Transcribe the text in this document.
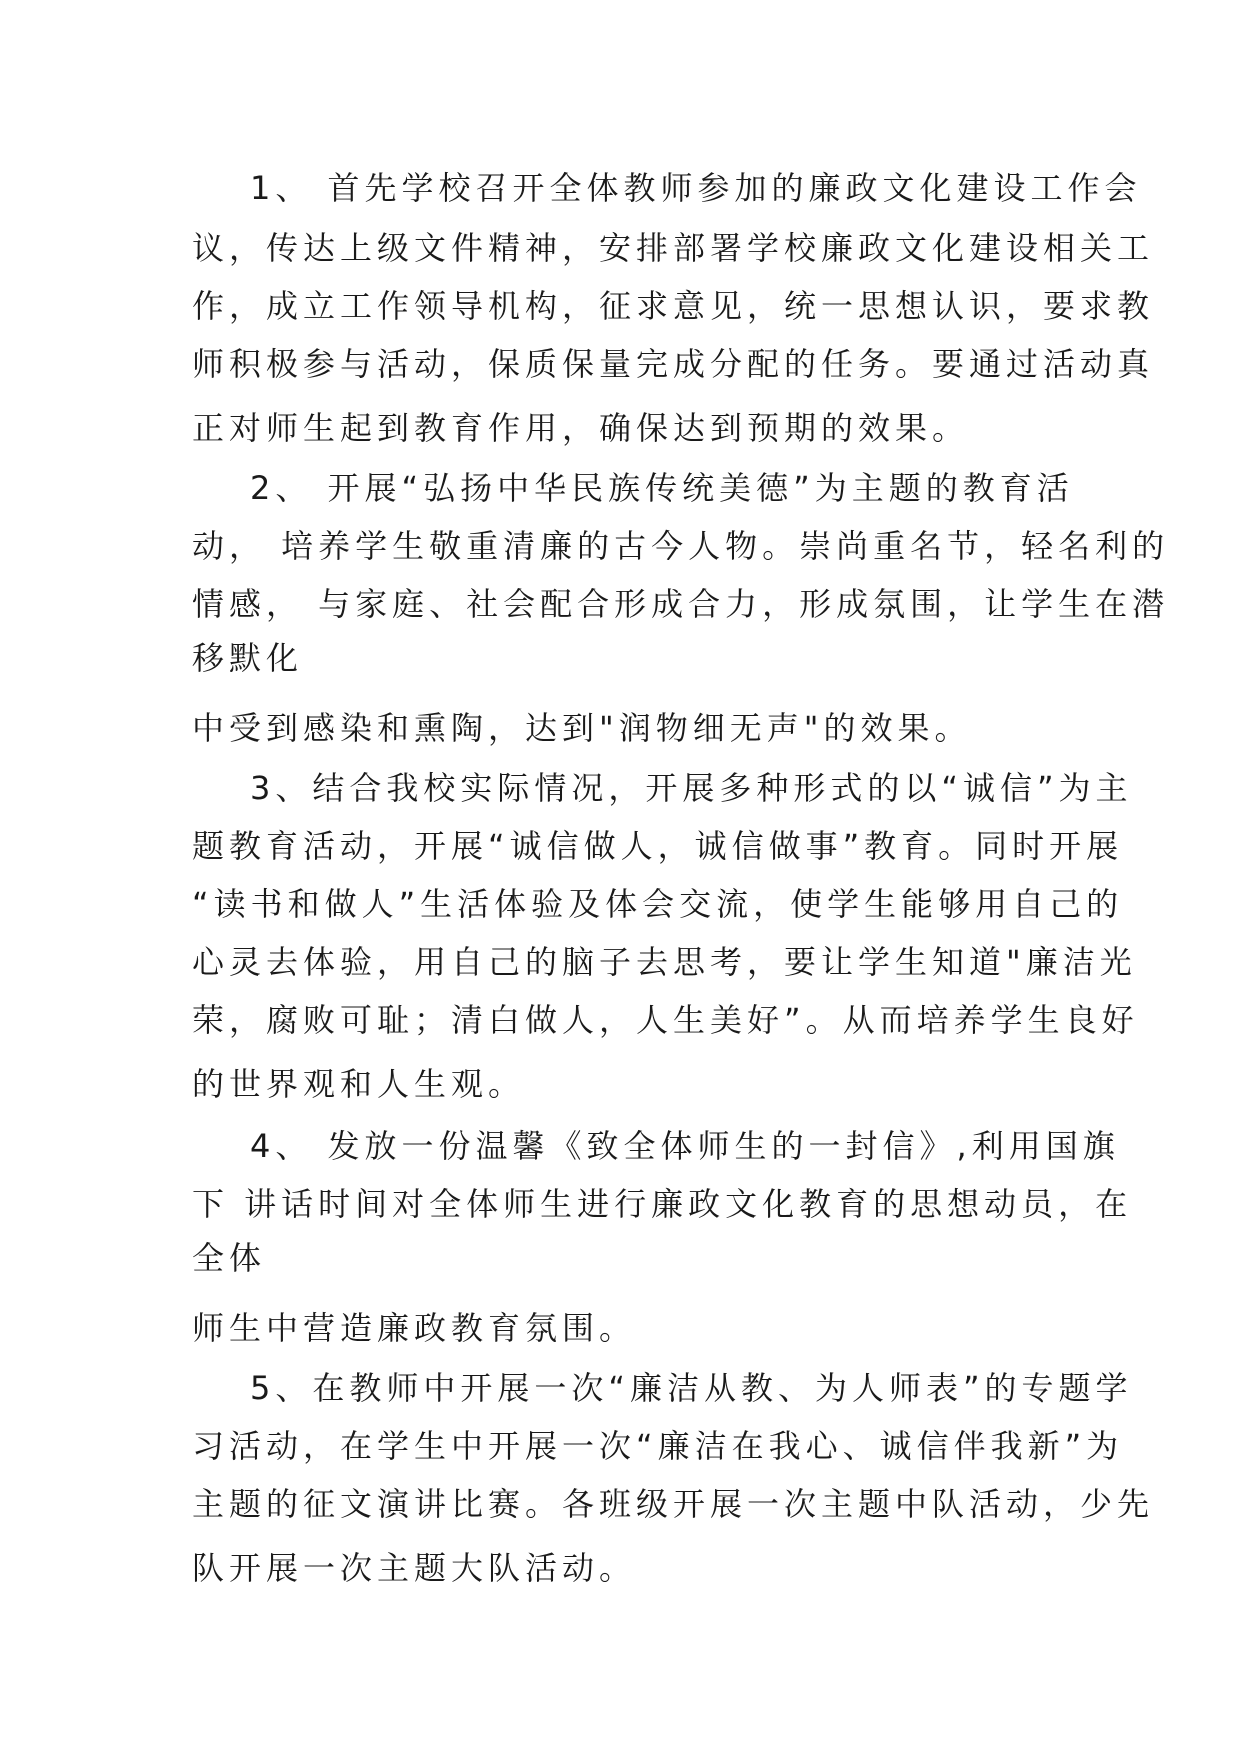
1、 首先学校召开全体教师参加的廉政文化建设工作会
议，传达上级文件精神，安排部署学校廉政文化建设相关工
作，成立工作领导机构，征求意见，统一思想认识，要求教
师积极参与活动，保质保量完成分配的任务。要通过活动真
正对师生起到教育作用，确保达到预期的效果。
2、 开展“弘扬中华民族传统美德”为主题的教育活
动， 培养学生敬重清廉的古今人物。崇尚重名节，轻名利的
情感， 与家庭、社会配合形成合力，形成氛围，让学生在潜
移默化
中受到感染和熏陶，达到"润物细无声"的效果。
3、结合我校实际情况，开展多种形式的以“诚信”为主
题教育活动，开展“诚信做人，诚信做事”教育。同时开展
“读书和做人”生活体验及体会交流，使学生能够用自己的
心灵去体验，用自己的脑子去思考，要让学生知道"廉洁光
荣，腐败可耻；清白做人，人生美好”。从而培养学生良好
的世界观和人生观。
4、 发放一份温馨《致全体师生的一封信》,利用国旗
下 讲话时间对全体师生进行廉政文化教育的思想动员，在
全体
师生中营造廉政教育氛围。
5、在教师中开展一次“廉洁从教、为人师表”的专题学
习活动，在学生中开展一次“廉洁在我心、诚信伴我新”为
主题的征文演讲比赛。各班级开展一次主题中队活动，少先
队开展一次主题大队活动。
